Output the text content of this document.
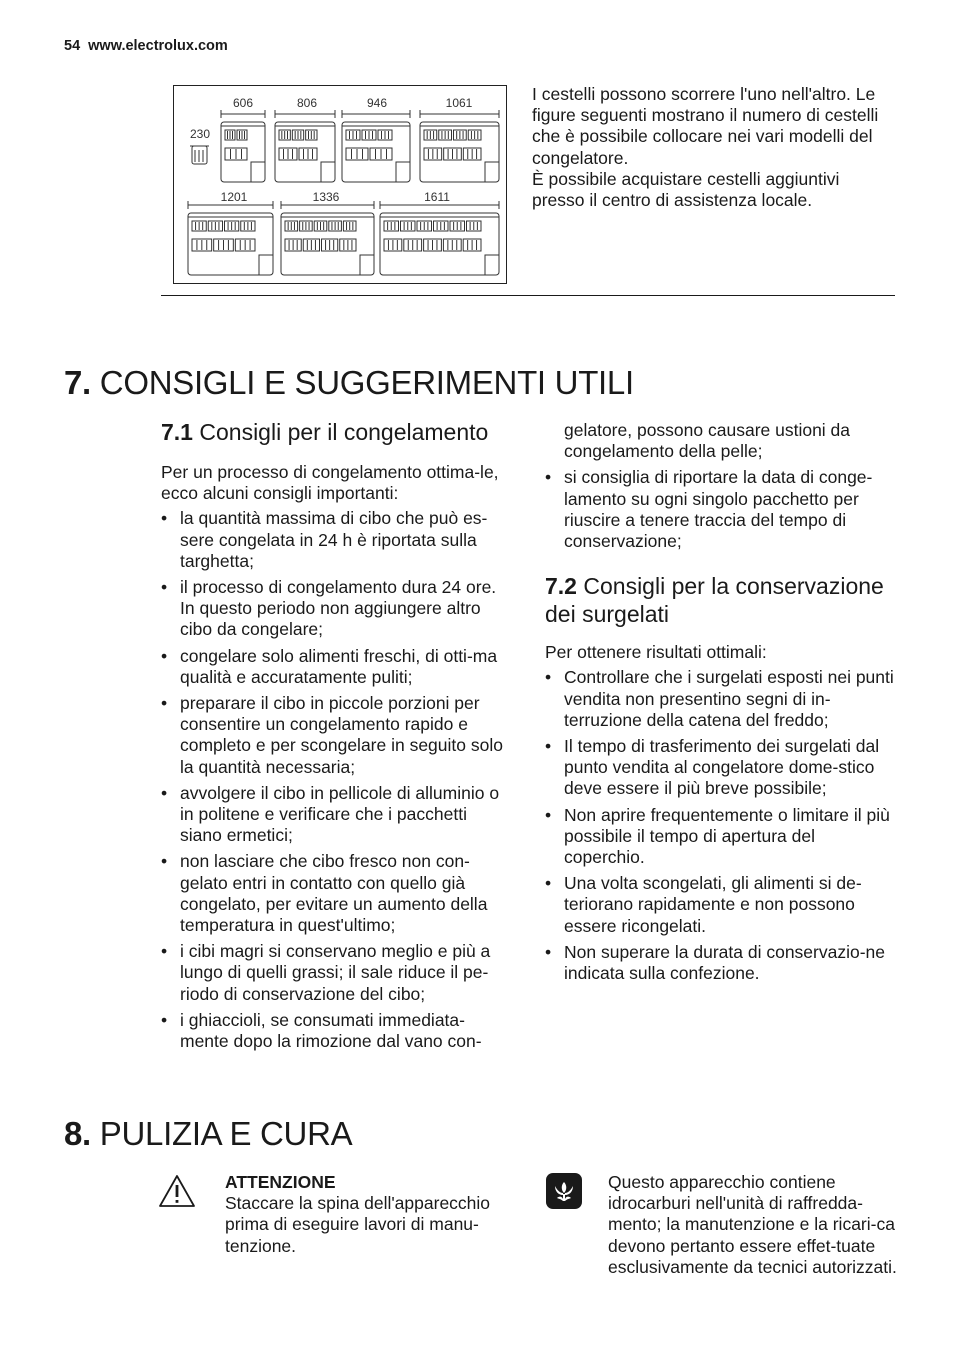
54 www.electrolux.com
230
606	806	946	1061
1201	1336	1611

I cestelli possono scorrere l'uno nell'altro. Le figure seguenti mostrano il numero di cestelli che è possibile collocare nei vari modelli del congelatore.

È possibile acquistare cestelli aggiuntivi presso il centro di assistenza locale.

7. CONSIGLI E SUGGERIMENTI UTILI
7.1 Consigli per il congelamento

Per un processo di congelamento ottima-le, ecco alcuni consigli importanti:

• la quantità massima di cibo che può es-sere congelata in 24 h è riportata sulla targhetta;
• il processo di congelamento dura 24 ore. In questo periodo non aggiungere altro cibo da congelare;
• congelare solo alimenti freschi, di otti-ma qualità e accuratamente puliti;
• preparare il cibo in piccole porzioni per consentire un congelamento rapido e completo e per scongelare in seguito solo la quantità necessaria;
• avvolgere il cibo in pellicole di alluminio o in politene e verificare che i pacchetti siano ermetici;
• non lasciare che cibo fresco non con-gelato entri in contatto con quello già congelato, per evitare un aumento della temperatura in quest'ultimo;
• i cibi magri si conservano meglio e più a lungo di quelli grassi; il sale riduce il pe-riodo di conservazione del cibo;
• i ghiaccioli, se consumati immediata-mente dopo la rimozione dal vano con-

gelatore, possono causare ustioni da congelamento della pelle;

• si consiglia di riportare la data di conge-lamento su ogni singolo pacchetto per riuscire a tenere traccia del tempo di conservazione;
7.2 Consigli per la conservazione dei surgelati

Per ottenere risultati ottimali:

• Controllare che i surgelati esposti nei punti vendita non presentino segni di in-terruzione della catena del freddo;
• Il tempo di trasferimento dei surgelati dal punto vendita al congelatore dome-stico deve essere il più breve possibile;
• Non aprire frequentemente o limitare il più possibile il tempo di apertura del coperchio.
• Una volta scongelati, gli alimenti si de-teriorano rapidamente e non possono essere ricongelati.
• Non superare la durata di conservazio-ne indicata sulla confezione.
8. PULIZIA E CURA
ATTENZIONE
Staccare la spina dell'apparecchio prima di eseguire lavori di manu-tenzione.
Questo apparecchio contiene idrocarburi nell'unità di raffredda-mento; la manutenzione e la ricari-ca devono pertanto essere effet-tuate esclusivamente da tecnici autorizzati.
